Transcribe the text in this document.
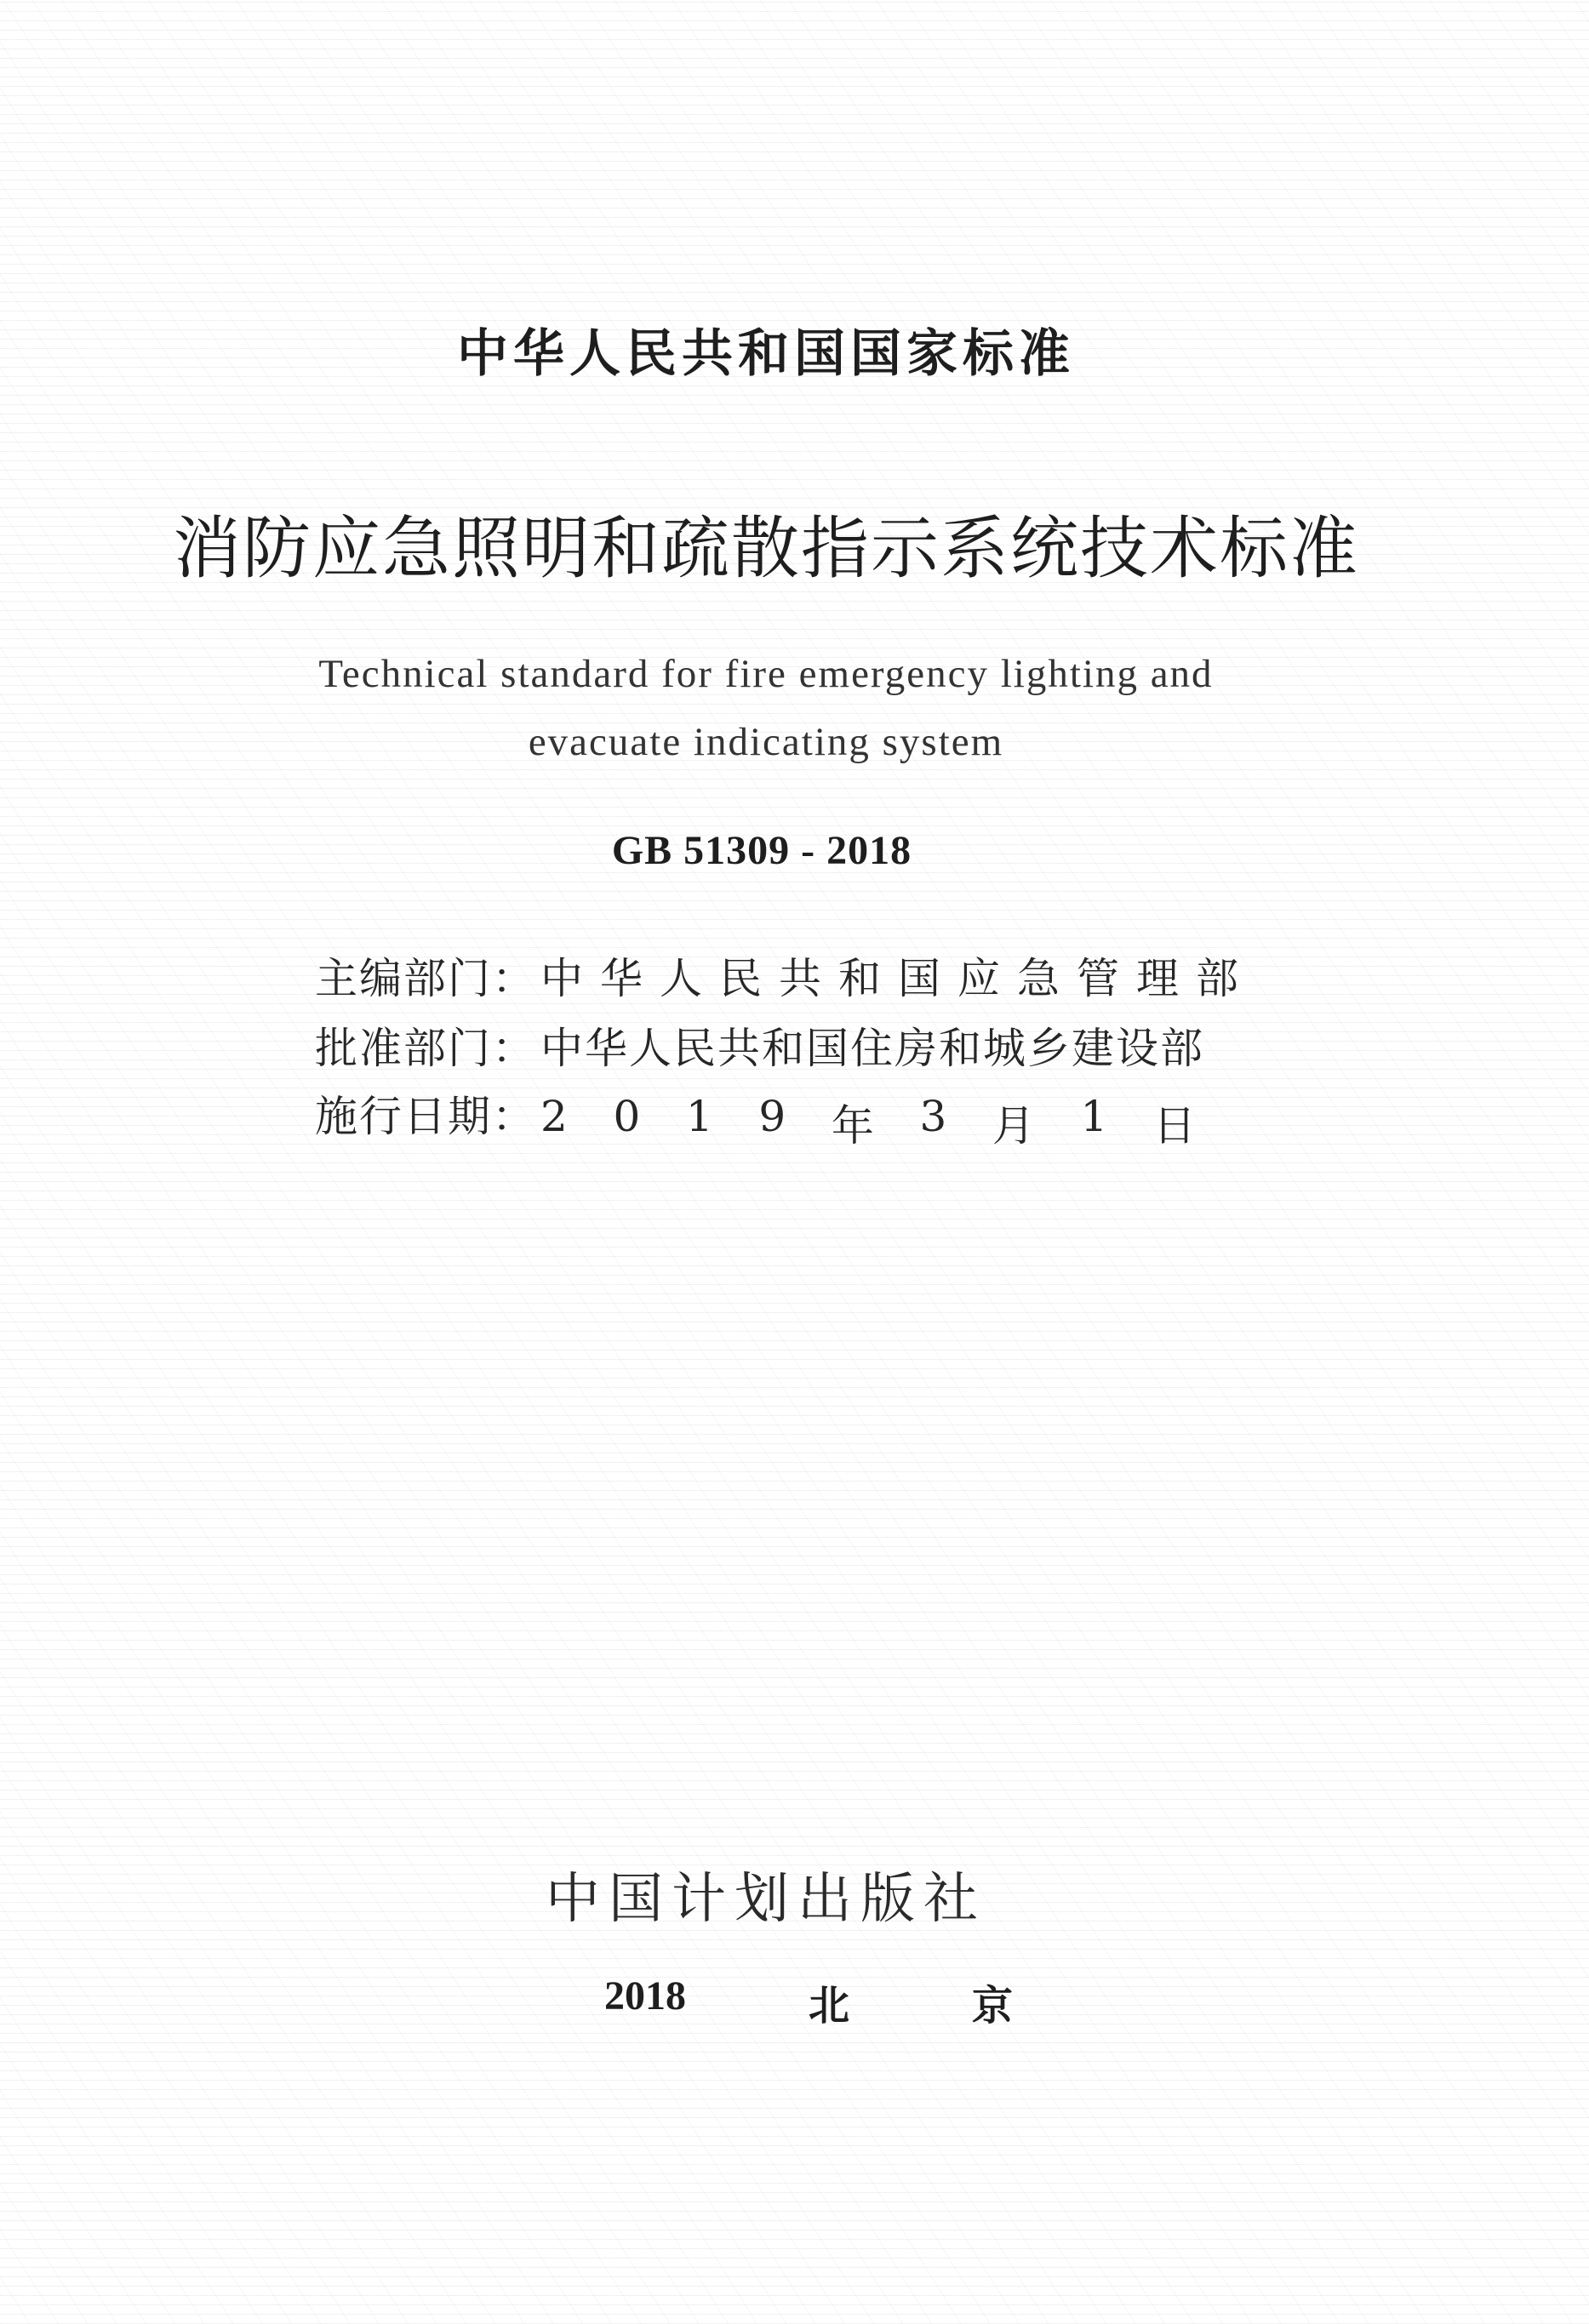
中华人民共和国国家标准
消防应急照明和疏散指示系统技术标准
Technical standard for fire emergency lighting and
evacuate indicating system
GB 51309 - 2018
主编部门： 中华人民共和国应急管理部
批准部门： 中华人民共和国住房和城乡建设部
施行日期： 2 0 1 9 年 3 月 1 日
中国计划出版社
2018	北	京
